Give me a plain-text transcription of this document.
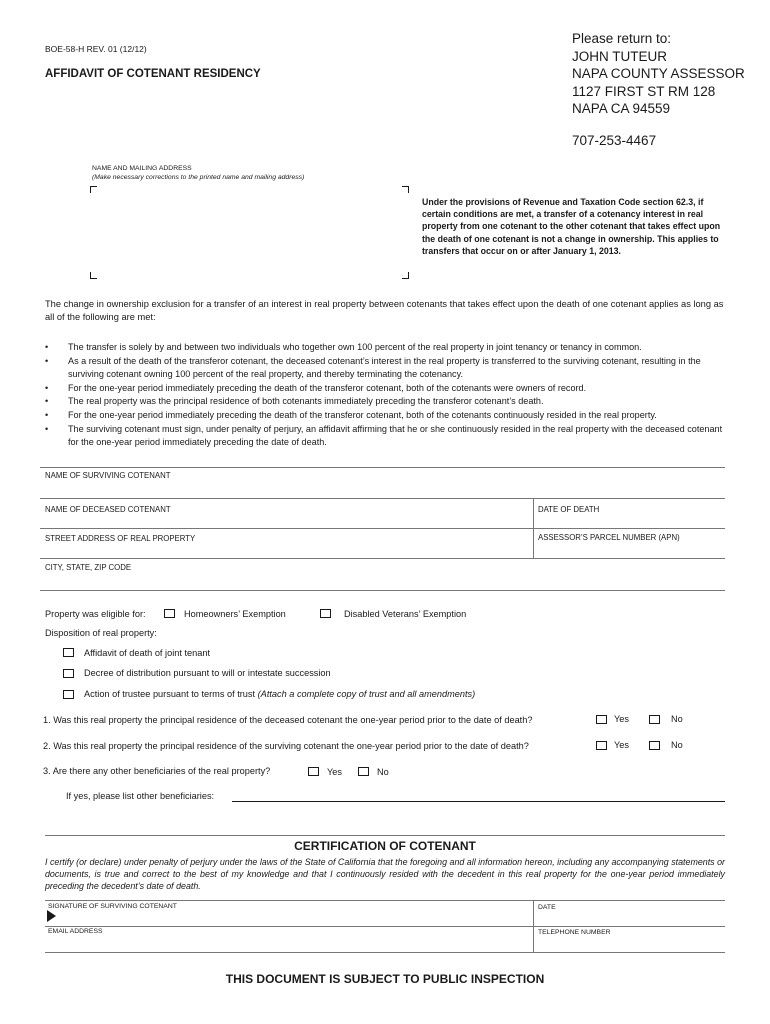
BOE-58-H REV. 01 (12/12)
AFFIDAVIT OF COTENANT RESIDENCY
Please return to:
JOHN TUTEUR
NAPA COUNTY ASSESSOR
1127 FIRST ST RM 128
NAPA CA 94559
707-253-4467
NAME AND MAILING ADDRESS
(Make necessary corrections to the printed name and mailing address)
Under the provisions of Revenue and Taxation Code section 62.3, if certain conditions are met, a transfer of a cotenancy interest in real property from one cotenant to the other cotenant that takes effect upon the death of one cotenant is not a change in ownership. This applies to transfers that occur on or after January 1, 2013.
The change in ownership exclusion for a transfer of an interest in real property between cotenants that takes effect upon the death of one cotenant applies as long as all of the following are met:
• The transfer is solely by and between two individuals who together own 100 percent of the real property in joint tenancy or tenancy in common.
• As a result of the death of the transferor cotenant, the deceased cotenant’s interest in the real property is transferred to the surviving cotenant, resulting in the surviving cotenant owning 100 percent of the real property, and thereby terminating the cotenancy.
• For the one-year period immediately preceding the death of the transferor cotenant, both of the cotenants were owners of record.
• The real property was the principal residence of both cotenants immediately preceding the transferor cotenant’s death.
• For the one-year period immediately preceding the death of the transferor cotenant, both of the cotenants continuously resided in the real property.
• The surviving cotenant must sign, under penalty of perjury, an affidavit affirming that he or she continuously resided in the real property with the deceased cotenant for the one-year period immediately preceding the date of death.
NAME OF SURVIVING COTENANT
NAME OF DECEASED COTENANT	DATE OF DEATH
STREET ADDRESS OF REAL PROPERTY	ASSESSOR’S PARCEL NUMBER (APN)
CITY, STATE, ZIP CODE
Property was eligible for:	Homeowners’ Exemption	Disabled Veterans’ Exemption
Disposition of real property:
Affidavit of death of joint tenant
Decree of distribution pursuant to will or intestate succession
Action of trustee pursuant to terms of trust (Attach a complete copy of trust and all amendments)
1. Was this real property the principal residence of the deceased cotenant the one-year period prior to the date of death?	Yes	No
2. Was this real property the principal residence of the surviving cotenant the one-year period prior to the date of death?	Yes	No
3. Are there any other beneficiaries of the real property?	Yes	No
If yes, please list other beneficiaries:
CERTIFICATION OF COTENANT
I certify (or declare) under penalty of perjury under the laws of the State of California that the foregoing and all information hereon, including any accompanying statements or documents, is true and correct to the best of my knowledge and that I continuously resided with the decedent in this real property for the one-year period immediately preceding the decedent’s date of death.
SIGNATURE OF SURVIVING COTENANT	DATE
EMAIL ADDRESS	TELEPHONE NUMBER
THIS DOCUMENT IS SUBJECT TO PUBLIC INSPECTION
